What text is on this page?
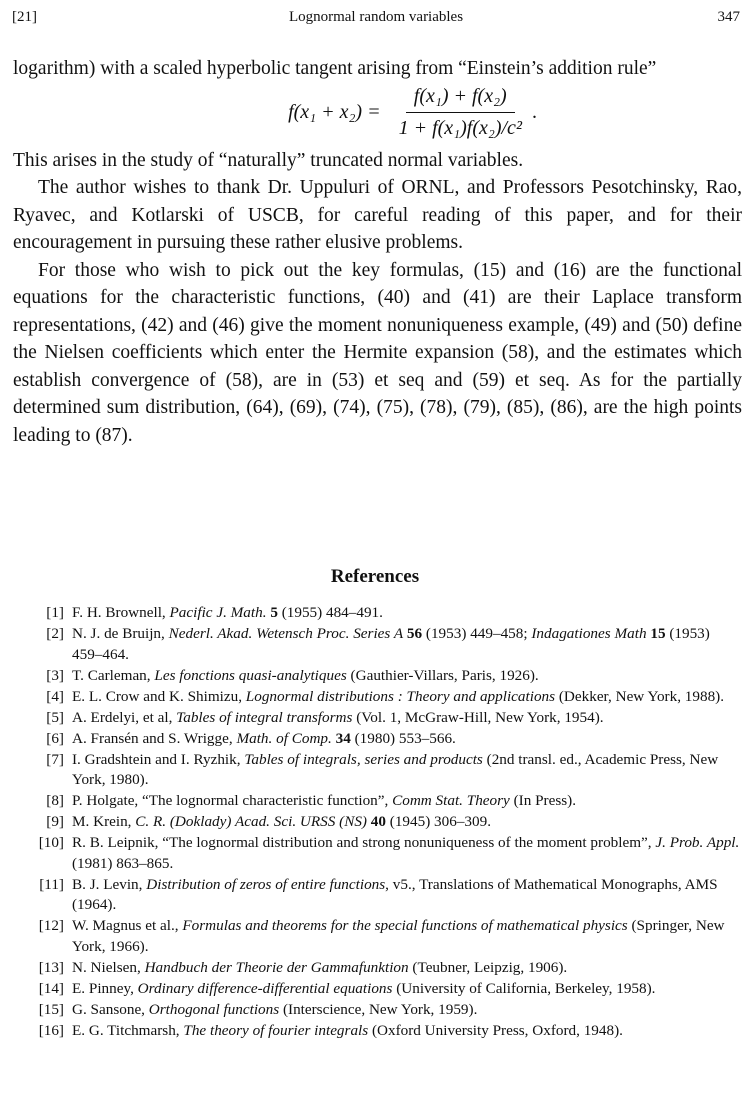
[21]	Lognormal random variables	347

logarithm) with a scaled hyperbolic tangent arising from “Einstein’s addition rule”

$f(x_1 + x_2) = \frac{\text{f(x₁) + f(x₂)}}{\text{1 + f(x₁)f(x₂)/c²}}$ .

This arises in the study of “naturally” truncated normal variables.

The author wishes to thank Dr. Uppuluri of ORNL, and Professors Pesotchinsky, Rao, Ryavec, and Kotlarski of USCB, for careful reading of this paper, and for their encouragement in pursuing these rather elusive problems.

For those who wish to pick out the key formulas, (15) and (16) are the functional equations for the characteristic functions, (40) and (41) are their Laplace transform representations, (42) and (46) give the moment nonuniqueness example, (49) and (50) define the Nielsen coefficients which enter the Hermite expansion (58), and the estimates which establish convergence of (58), are in (53) et seq and (59) et seq. As for the partially determined sum distribution, (64), (69), (74), (75), (78), (79), (85), (86), are the high points leading to (87).

References
[1] F. H. Brownell, Pacific J. Math. 5 (1955) 484–491.
[2] N. J. de Bruijn, Nederl. Akad. Wetensch Proc. Series A 56 (1953) 449–458; Indagationes Math 15 (1953) 459–464.
[3] T. Carleman, Les fonctions quasi-analytiques (Gauthier-Villars, Paris, 1926).
[4] E. L. Crow and K. Shimizu, Lognormal distributions : Theory and applications (Dekker, New York, 1988).
[5] A. Erdelyi, et al, Tables of integral transforms (Vol. 1, McGraw-Hill, New York, 1954).
[6] A. Fransén and S. Wrigge, Math. of Comp. 34 (1980) 553–566.
[7] I. Gradshtein and I. Ryzhik, Tables of integrals, series and products (2nd transl. ed., Academic Press, New York, 1980).
[8] P. Holgate, “The lognormal characteristic function”, Comm Stat. Theory (In Press).
[9] M. Krein, C. R. (Doklady) Acad. Sci. URSS (NS) 40 (1945) 306–309.
[10] R. B. Leipnik, “The lognormal distribution and strong nonuniqueness of the moment problem”, J. Prob. Appl. (1981) 863–865.
[11] B. J. Levin, Distribution of zeros of entire functions, v5., Translations of Mathematical Monographs, AMS (1964).
[12] W. Magnus et al., Formulas and theorems for the special functions of mathematical physics (Springer, New York, 1966).
[13] N. Nielsen, Handbuch der Theorie der Gammafunktion (Teubner, Leipzig, 1906).
[14] E. Pinney, Ordinary difference-differential equations (University of California, Berkeley, 1958).
[15] G. Sansone, Orthogonal functions (Interscience, New York, 1959).
[16] E. G. Titchmarsh, The theory of fourier integrals (Oxford University Press, Oxford, 1948).
